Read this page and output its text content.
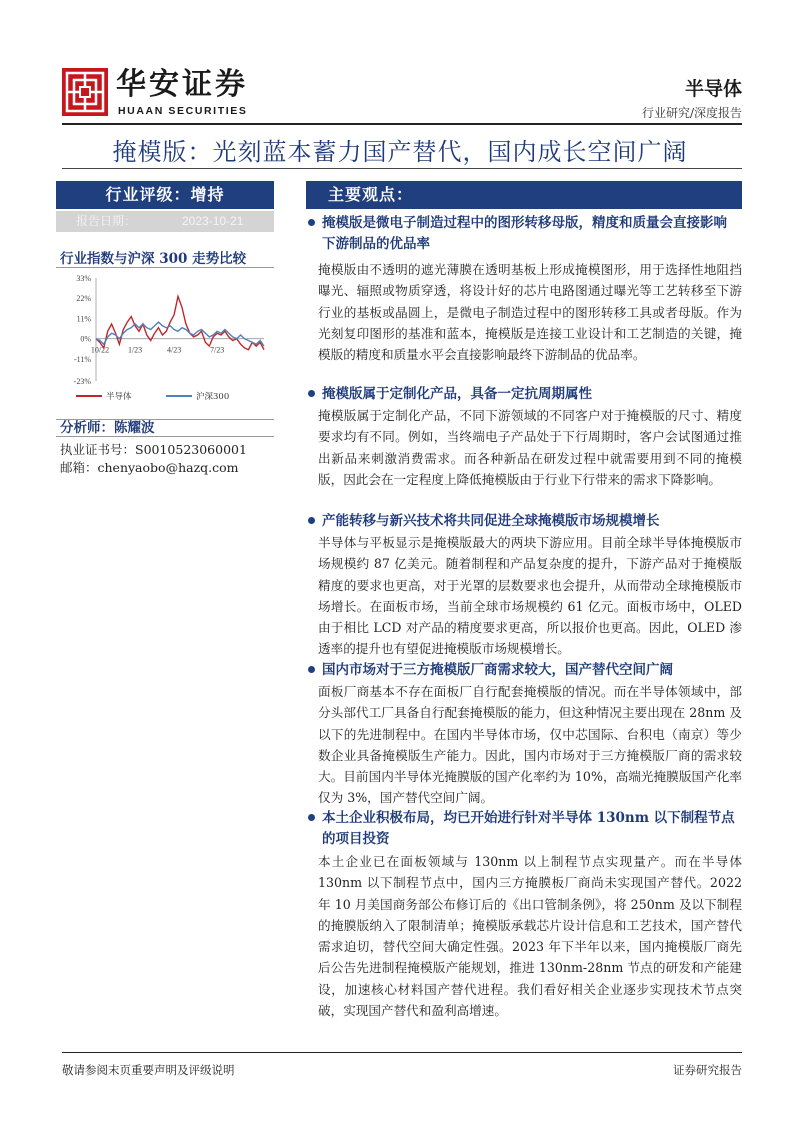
华安证券
HUAAN SECURITIES
半导体
行业研究/深度报告
掩模版：光刻蓝本蓄力国产替代，国内成长空间广阔
行业评级：增持
报告日期：	2023-10-21
行业指数与沪深 300 走势比较
33%
22%
11%
0%
-11%
-23%
10/22 1/23	4/23	7/23
半导体	沪深300
分析师：陈耀波
执业证书号：S0010523060001
邮箱：chenyaobo@hazq.com
主要观点：
掩模版是微电子制造过程中的图形转移母版，精度和质量会直接影响下游制品的优品率
掩模版由不透明的遮光薄膜在透明基板上形成掩模图形，用于选择性地阻挡曝光、辐照或物质穿透，将设计好的芯片电路图通过曝光等工艺转移至下游行业的基板或晶圆上，是微电子制造过程中的图形转移工具或者母版。作为光刻复印图形的基准和蓝本，掩模版是连接工业设计和工艺制造的关键，掩模版的精度和质量水平会直接影响最终下游制品的优品率。
掩模版属于定制化产品，具备一定抗周期属性
掩模版属于定制化产品，不同下游领域的不同客户对于掩模版的尺寸、精度要求均有不同。例如，当终端电子产品处于下行周期时，客户会试图通过推出新品来刺激消费需求。而各种新品在研发过程中就需要用到不同的掩模版，因此会在一定程度上降低掩模版由于行业下行带来的需求下降影响。
产能转移与新兴技术将共同促进全球掩模版市场规模增长
半导体与平板显示是掩模版最大的两块下游应用。目前全球半导体掩模版市场规模约 87 亿美元。随着制程和产品复杂度的提升，下游产品对于掩模版精度的要求也更高，对于光罩的层数要求也会提升，从而带动全球掩模版市场增长。在面板市场，当前全球市场规模约 61 亿元。面板市场中，OLED 由于相比 LCD 对产品的精度要求更高，所以报价也更高。因此，OLED 渗透率的提升也有望促进掩模版市场规模增长。
国内市场对于三方掩模版厂商需求较大，国产替代空间广阔
面板厂商基本不存在面板厂自行配套掩模版的情况。而在半导体领域中，部分头部代工厂具备自行配套掩模版的能力，但这种情况主要出现在 28nm 及以下的先进制程中。在国内半导体市场，仅中芯国际、台积电（南京）等少数企业具备掩模版生产能力。因此，国内市场对于三方掩模版厂商的需求较大。目前国内半导体光掩膜版的国产化率约为 10%，高端光掩膜版国产化率仅为 3%，国产替代空间广阔。
本土企业积极布局，均已开始进行针对半导体 130nm 以下制程节点的项目投资
本土企业已在面板领域与 130nm 以上制程节点实现量产。而在半导体 130nm 以下制程节点中，国内三方掩膜板厂商尚未实现国产替代。2022 年 10 月美国商务部公布修订后的《出口管制条例》，将 250nm 及以下制程的掩膜版纳入了限制清单；掩模版承载芯片设计信息和工艺技术，国产替代需求迫切，替代空间大确定性强。2023 年下半年以来，国内掩模版厂商先后公告先进制程掩模版产能规划，推进 130nm-28nm 节点的研发和产能建设，加速核心材料国产替代进程。我们看好相关企业逐步实现技术节点突破，实现国产替代和盈利高增速。
敬请参阅末页重要声明及评级说明	证券研究报告
